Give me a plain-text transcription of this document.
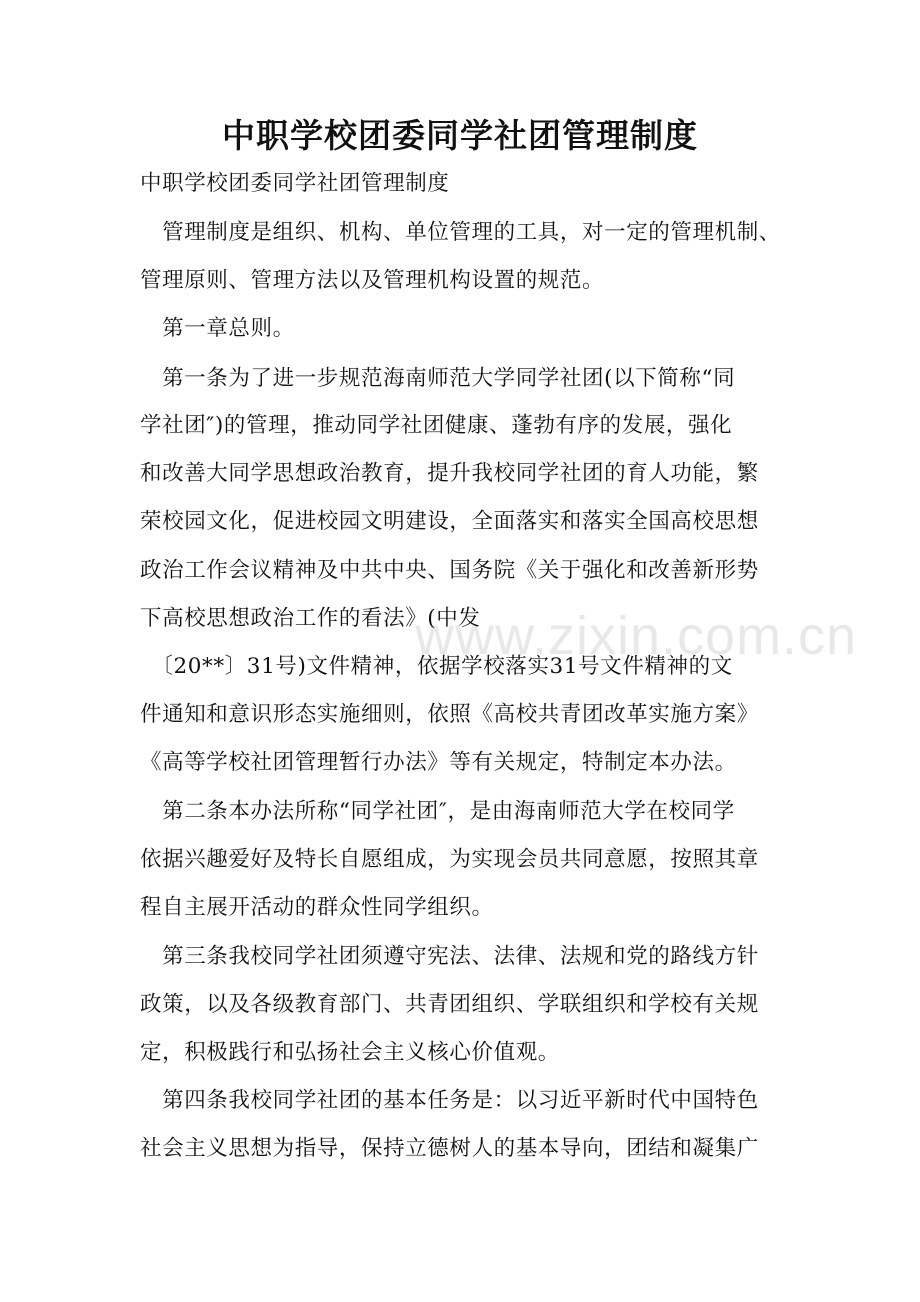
中职学校团委同学社团管理制度

中职学校团委同学社团管理制度

　管理制度是组织、机构、单位管理的工具，对一定的管理机制、

管理原则、管理方法以及管理机构设置的规范。

　第一章总则。

　第一条为了进一步规范海南师范大学同学社团(以下简称“同

学社团″)的管理，推动同学社团健康、蓬勃有序的发展，强化

和改善大同学思想政治教育，提升我校同学社团的育人功能，繁

荣校园文化，促进校园文明建设，全面落实和落实全国高校思想

政治工作会议精神及中共中央、国务院《关于强化和改善新形势

下高校思想政治工作的看法》(中发

　〔20**〕31号)文件精神，依据学校落实31号文件精神的文

件通知和意识形态实施细则，依照《高校共青团改革实施方案》

《高等学校社团管理暂行办法》等有关规定，特制定本办法。

　第二条本办法所称“同学社团″，是由海南师范大学在校同学

依据兴趣爱好及特长自愿组成，为实现会员共同意愿，按照其章

程自主展开活动的群众性同学组织。

　第三条我校同学社团须遵守宪法、法律、法规和党的路线方针

政策，以及各级教育部门、共青团组织、学联组织和学校有关规

定，积极践行和弘扬社会主义核心价值观。

　第四条我校同学社团的基本任务是：以习近平新时代中国特色

社会主义思想为指导，保持立德树人的基本导向，团结和凝集广

www.zixin.com.cn
